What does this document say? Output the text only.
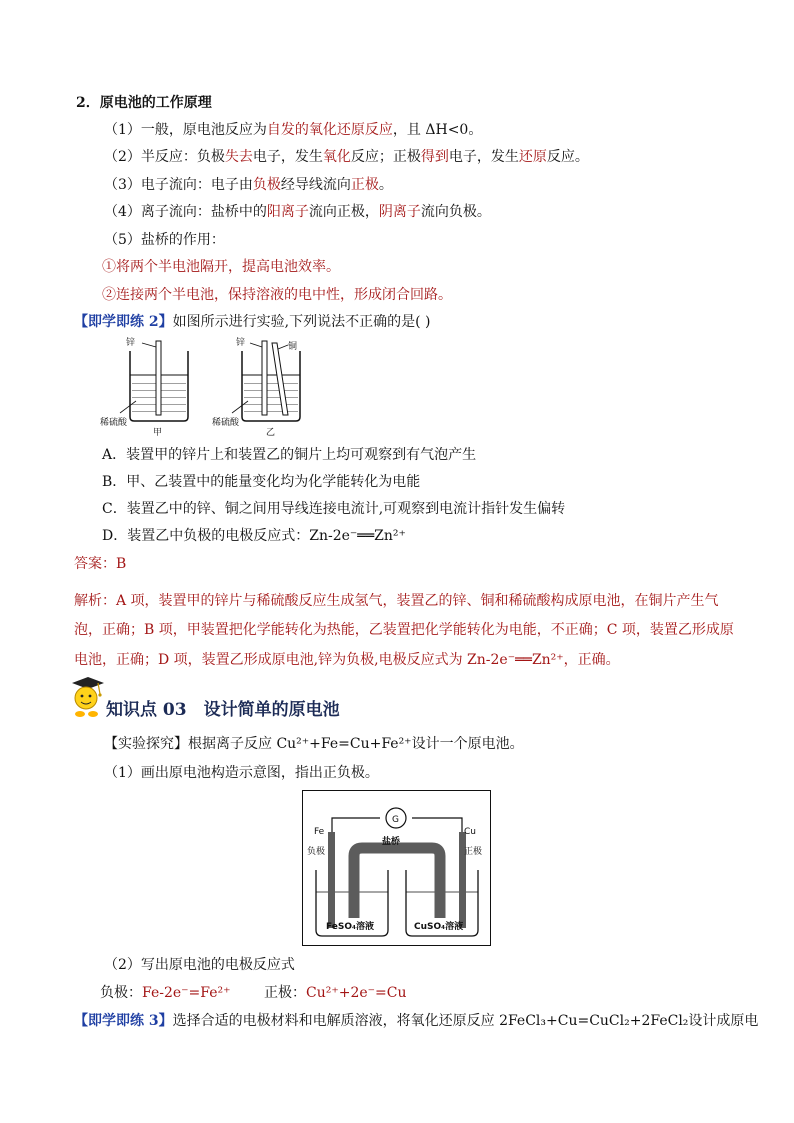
2．原电池的工作原理
（1）一般，原电池反应为自发的氧化还原反应，且 ΔH<0。
（2）半反应：负极失去电子，发生氧化反应；正极得到电子，发生还原反应。
（3）电子流向：电子由负极经导线流向正极。
（4）离子流向：盐桥中的阳离子流向正极，阴离子流向负极。
（5）盐桥的作用：
①将两个半电池隔开，提高电池效率。
②连接两个半电池，保持溶液的电中性，形成闭合回路。
【即学即练 2】如图所示进行实验,下列说法不正确的是( )
锌
稀硫酸
甲
锌	铜
稀硫酸
乙
A．装置甲的锌片上和装置乙的铜片上均可观察到有气泡产生
B．甲、乙装置中的能量变化均为化学能转化为电能
C．装置乙中的锌、铜之间用导线连接电流计,可观察到电流计指针发生偏转
D．装置乙中负极的电极反应式：Zn-2e⁻══Zn²⁺
答案：B
解析：A 项，装置甲的锌片与稀硫酸反应生成氢气，装置乙的锌、铜和稀硫酸构成原电池，在铜片产生气
泡，正确；B 项，甲装置把化学能转化为热能，乙装置把化学能转化为电能，不正确；C 项，装置乙形成原
电池，正确；D 项，装置乙形成原电池,锌为负极,电极反应式为 Zn-2e⁻══Zn²⁺，正确。
知识点 03　设计简单的原电池
【实验探究】根据离子反应 Cu²⁺+Fe=Cu+Fe²⁺设计一个原电池。
（1）画出原电池构造示意图，指出正负极。
G
Fe
负极
盐桥
Cu
正极
FeSO₄溶液	CuSO₄溶液
（2）写出原电池的电极反应式
负极：Fe-2e⁻=Fe²⁺ 正极：Cu²⁺+2e⁻=Cu
【即学即练 3】选择合适的电极材料和电解质溶液，将氧化还原反应 2FeCl₃+Cu=CuCl₂+2FeCl₂设计成原电
